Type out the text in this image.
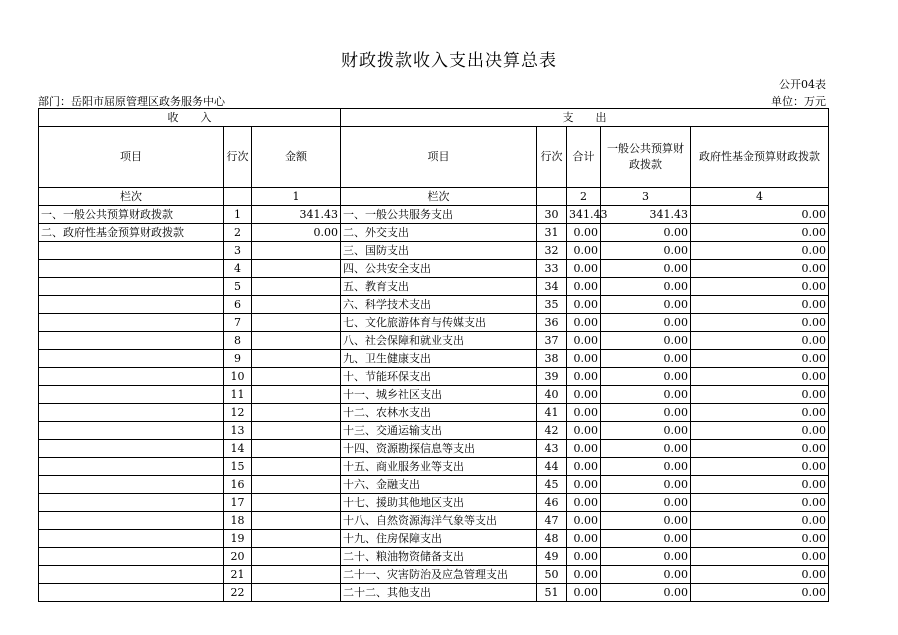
财政拨款收入支出决算总表
公开04表
部门：岳阳市屈原管理区政务服务中心	单位：万元
收　　入			支　　出				
项目	行次	金额	项目	行次	合计	一般公共预算财政拨款	政府性基金预算财政拨款
栏次		1	栏次		2	3	4
一、一般公共预算财政拨款	1	341.43	一、一般公共服务支出	30	341.43	341.43	0.00
二、政府性基金预算财政拨款	2	0.00	二、外交支出	31	0.00	0.00	0.00
	3		三、国防支出	32	0.00	0.00	0.00
	4		四、公共安全支出	33	0.00	0.00	0.00
	5		五、教育支出	34	0.00	0.00	0.00
	6		六、科学技术支出	35	0.00	0.00	0.00
	7		七、文化旅游体育与传媒支出	36	0.00	0.00	0.00
	8		八、社会保障和就业支出	37	0.00	0.00	0.00
	9		九、卫生健康支出	38	0.00	0.00	0.00
	10		十、节能环保支出	39	0.00	0.00	0.00
	11		十一、城乡社区支出	40	0.00	0.00	0.00
	12		十二、农林水支出	41	0.00	0.00	0.00
	13		十三、交通运输支出	42	0.00	0.00	0.00
	14		十四、资源勘探信息等支出	43	0.00	0.00	0.00
	15		十五、商业服务业等支出	44	0.00	0.00	0.00
	16		十六、金融支出	45	0.00	0.00	0.00
	17		十七、援助其他地区支出	46	0.00	0.00	0.00
	18		十八、自然资源海洋气象等支出	47	0.00	0.00	0.00
	19		十九、住房保障支出	48	0.00	0.00	0.00
	20		二十、粮油物资储备支出	49	0.00	0.00	0.00
	21		二十一、灾害防治及应急管理支出	50	0.00	0.00	0.00
	22		二十二、其他支出	51	0.00	0.00	0.00
